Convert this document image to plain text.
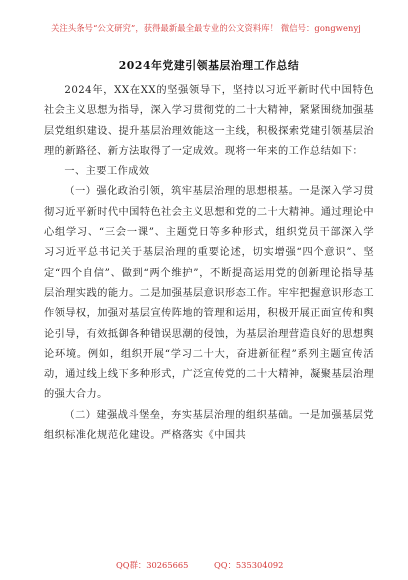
关注头条号“公文研究”，获得最新最全最专业的公文资料库！ 微信号：gongwenyj
2024年党建引领基层治理工作总结

2024年，XX在XX的坚强领导下，坚持以习近平新时代中国特色社会主义思想为指导，深入学习贯彻党的二十大精神，紧紧围绕加强基层党组织建设、提升基层治理效能这一主线，积极探索党建引领基层治理的新路径、新方法取得了一定成效。现将一年来的工作总结如下：

一、主要工作成效

（一）强化政治引领，筑牢基层治理的思想根基。一是深入学习贯彻习近平新时代中国特色社会主义思想和党的二十大精神。通过理论中心组学习、“三会一课”、主题党日等多种形式，组织党员干部深入学习习近平总书记关于基层治理的重要论述，切实增强“四个意识”、坚定“四个自信”、做到“两个维护”，不断提高运用党的创新理论指导基层治理实践的能力。二是加强基层意识形态工作。牢牢把握意识形态工作领导权，加强对基层宣传阵地的管理和运用，积极开展正面宣传和舆论引导，有效抵御各种错误思潮的侵蚀，为基层治理营造良好的思想舆论环境。例如，组织开展“学习二十大，奋进新征程”系列主题宣传活动，通过线上线下多种形式，广泛宣传党的二十大精神，凝聚基层治理的强大合力。

（二）建强战斗堡垒，夯实基层治理的组织基础。一是加强基层党组织标准化规范化建设。严格落实《中国共

QQ群：30265665	QQ：535304092
